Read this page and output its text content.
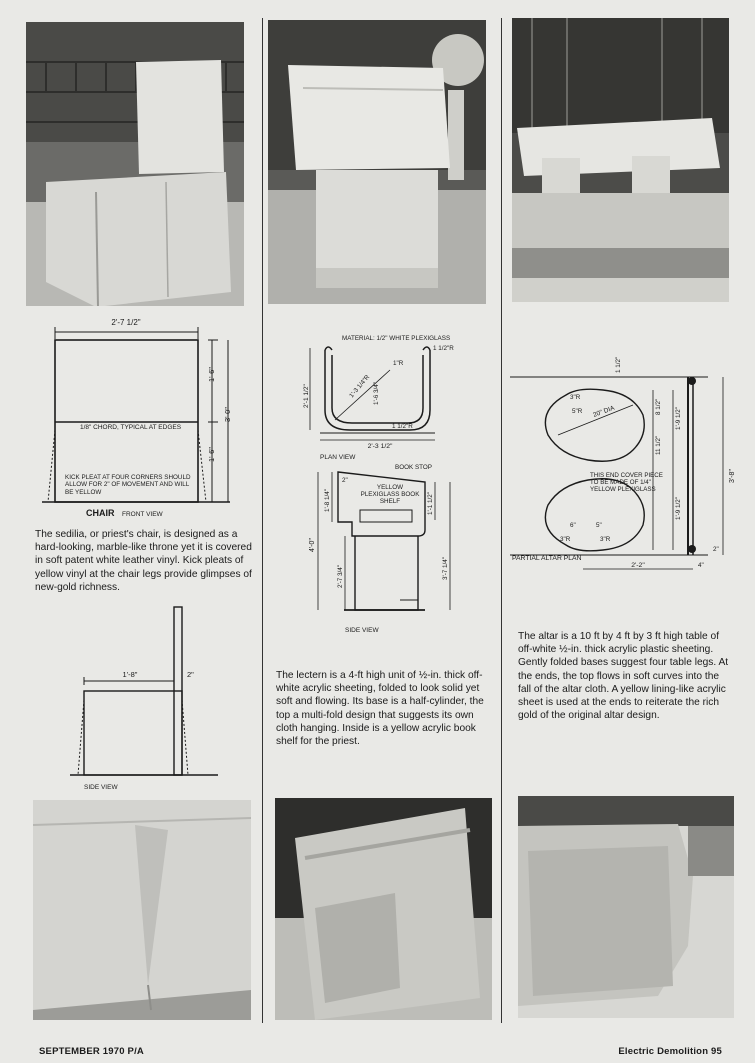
2'-7 1/2"
1'-6"
1'-6"
3'-0"
1/8" CHORD, TYPICAL AT EDGES
KICK PLEAT AT FOUR CORNERS SHOULD ALLOW FOR 2" OF MOVEMENT AND WILL BE YELLOW
CHAIR FRONT VIEW

The sedilia, or priest's chair, is designed as a hard-looking, marble-like throne yet it is covered in soft patent white leather vinyl. Kick pleats of yellow vinyl at the chair legs provide glimpses of new-gold richness.

1'-8"	2"
SIDE VIEW
MATERIAL: 1/2" WHITE PLEXIGLASS
1"R
1 1/2"R
2'-1 1/2"	1'-3 1/4"R 1'-6 3/4"
1 1/2"R
2'-3 1/2"
PLAN VIEW
BOOK STOP
2"
YELLOW PLEXIGLASS BOOK SHELF
4'-0"
1'-8 1/4"
2'-7 3/4"
1'-1 1/2"
3'-7 1/4"
SIDE VIEW

The lectern is a 4-ft high unit of ½-in. thick off-white acrylic sheeting, folded to look solid yet soft and flowing. Its base is a half-cylinder, the top a multi-fold design that suggests its own cloth hanging. Inside is a yellow acrylic book shelf for the priest.

1 1/2"
3"R
5"R 20" DIA	8 1/2"
11 1/2"
1'-9 1/2"
1'-9 1/2"
3'-8"
THIS END COVER PIECE TO BE MADE OF 1/4" YELLOW PLEXIGLASS
6"	5"
3"R	3"R
2"
2'-2"	4"
PARTIAL ALTAR PLAN

The altar is a 10 ft by 4 ft by 3 ft high table of off-white ½-in. thick acrylic plastic sheeting. Gently folded bases suggest four table legs. At the ends, the top flows in soft curves into the fall of the altar cloth. A yellow lining-like acrylic sheet is used at the ends to reiterate the rich gold of the original altar design.

SEPTEMBER 1970 P/A	Electric Demolition 95
